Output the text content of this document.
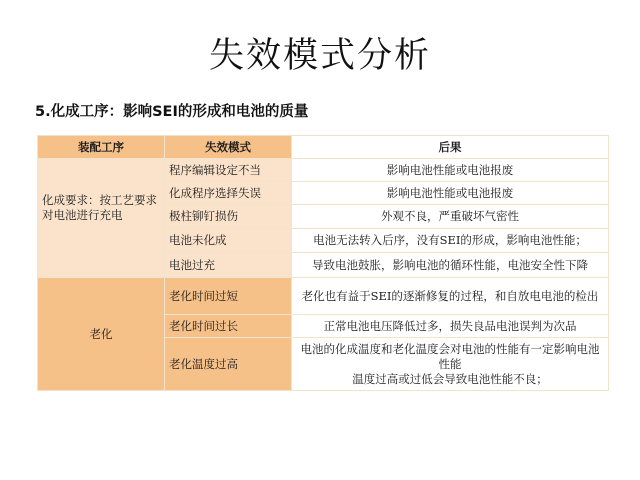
失效模式分析
5.化成工序：影响SEI的形成和电池的质量
装配工序	失效模式	后果
化成要求：按工艺要求对电池进行充电	程序编辑设定不当	影响电池性能或电池报废
	化成程序选择失误	影响电池性能或电池报废
	极柱铆钉损伤	外观不良，严重破坏气密性
	电池未化成	电池无法转入后序，没有SEI的形成，影响电池性能；
	电池过充	导致电池鼓胀，影响电池的循环性能，电池安全性下降
老化	老化时间过短	老化也有益于SEI的逐渐修复的过程，和自放电电池的检出
	老化时间过长	正常电池电压降低过多，损失良品电池误判为次品
	老化温度过高	电池的化成温度和老化温度会对电池的性能有一定影响电池性能
温度过高或过低会导致电池性能不良；
